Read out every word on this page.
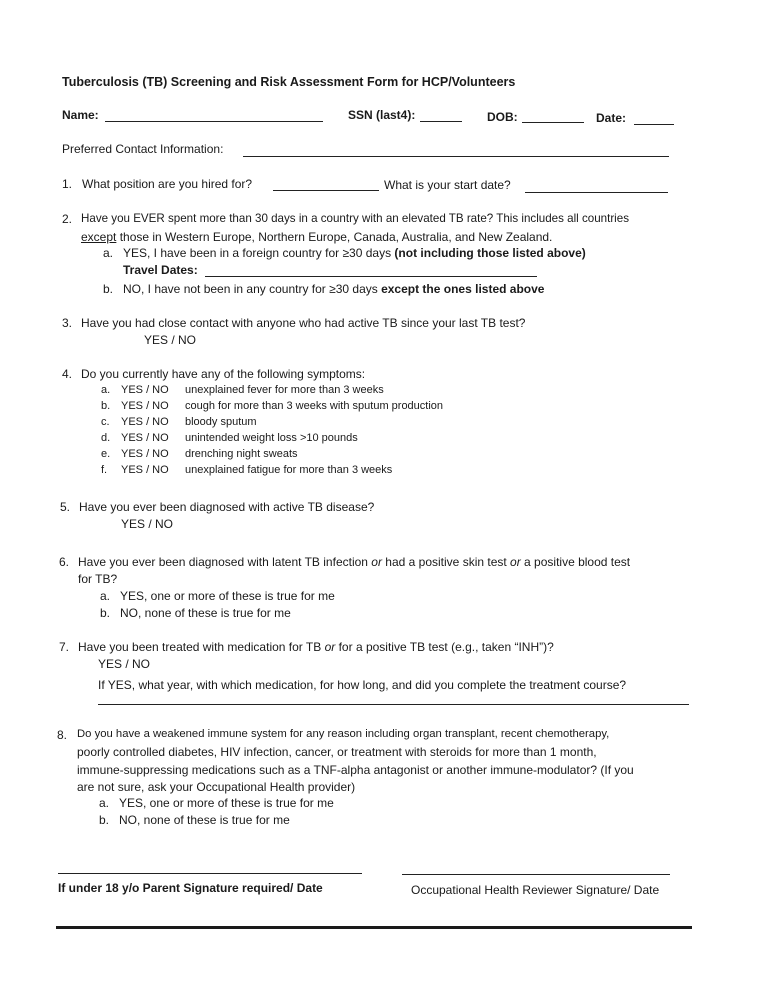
Tuberculosis (TB) Screening and Risk Assessment Form for HCP/Volunteers
Name:	SSN (last4):	DOB:	Date:
Preferred Contact Information:
1. What position are you hired for?	What is your start date?
2. Have you EVER spent more than 30 days in a country with an elevated TB rate? This includes all countries
except those in Western Europe, Northern Europe, Canada, Australia, and New Zealand.
a. YES, I have been in a foreign country for ≥30 days (not including those listed above)
Travel Dates:
b. NO, I have not been in any country for ≥30 days except the ones listed above
3. Have you had close contact with anyone who had active TB since your last TB test?
YES / NO
4. Do you currently have any of the following symptoms:
a. YES / NO unexplained fever for more than 3 weeks
b. YES / NO cough for more than 3 weeks with sputum production
c. YES / NO bloody sputum
d. YES / NO unintended weight loss >10 pounds
e. YES / NO drenching night sweats
f. YES / NO unexplained fatigue for more than 3 weeks
5. Have you ever been diagnosed with active TB disease?
YES / NO
6. Have you ever been diagnosed with latent TB infection or had a positive skin test or a positive blood test
for TB?
a. YES, one or more of these is true for me
b. NO, none of these is true for me
7. Have you been treated with medication for TB or for a positive TB test (e.g., taken “INH”)?
YES / NO
If YES, what year, with which medication, for how long, and did you complete the treatment course?
8. Do you have a weakened immune system for any reason including organ transplant, recent chemotherapy,
poorly controlled diabetes, HIV infection, cancer, or treatment with steroids for more than 1 month,
immune-suppressing medications such as a TNF-alpha antagonist or another immune-modulator? (If you
are not sure, ask your Occupational Health provider)
a. YES, one or more of these is true for me
b. NO, none of these is true for me
If under 18 y/o Parent Signature required/ Date	Occupational Health Reviewer Signature/ Date
